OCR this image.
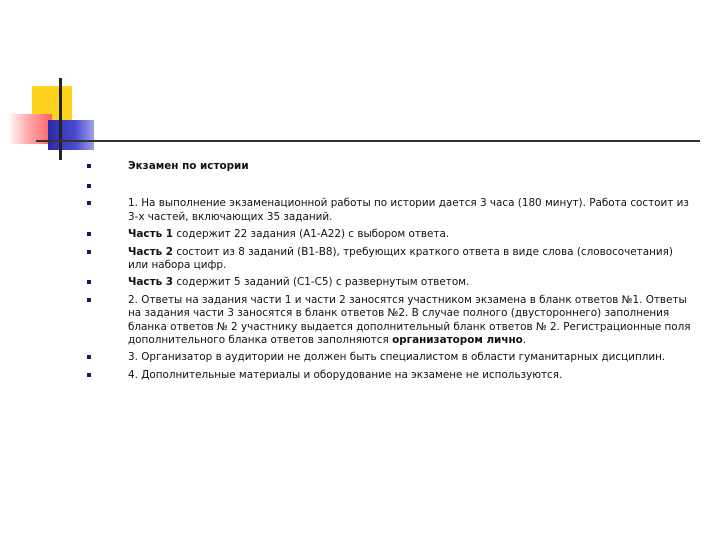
Экзамен по истории
1. На выполнение экзаменационной работы по истории дается 3 часа (180 минут). Работа состоит из 3-х частей, включающих 35 заданий.
Часть 1 содержит 22 задания (А1-А22) с выбором ответа.
Часть 2 состоит из 8 заданий (В1-В8), требующих краткого ответа в виде слова (словосочетания) или набора цифр.
Часть 3 содержит 5 заданий (С1-С5) с развернутым ответом.
2. Ответы на задания части 1 и части 2 заносятся участником экзамена в бланк ответов №1. Ответы на задания части 3 заносятся в бланк ответов №2. В случае полного (двустороннего) заполнения бланка ответов № 2 участнику выдается дополнительный бланк ответов № 2. Регистрационные поля дополнительного бланка ответов заполняются организатором лично.
3. Организатор в аудитории не должен быть специалистом в области гуманитарных дисциплин.
4. Дополнительные материалы и оборудование на экзамене не используются.
